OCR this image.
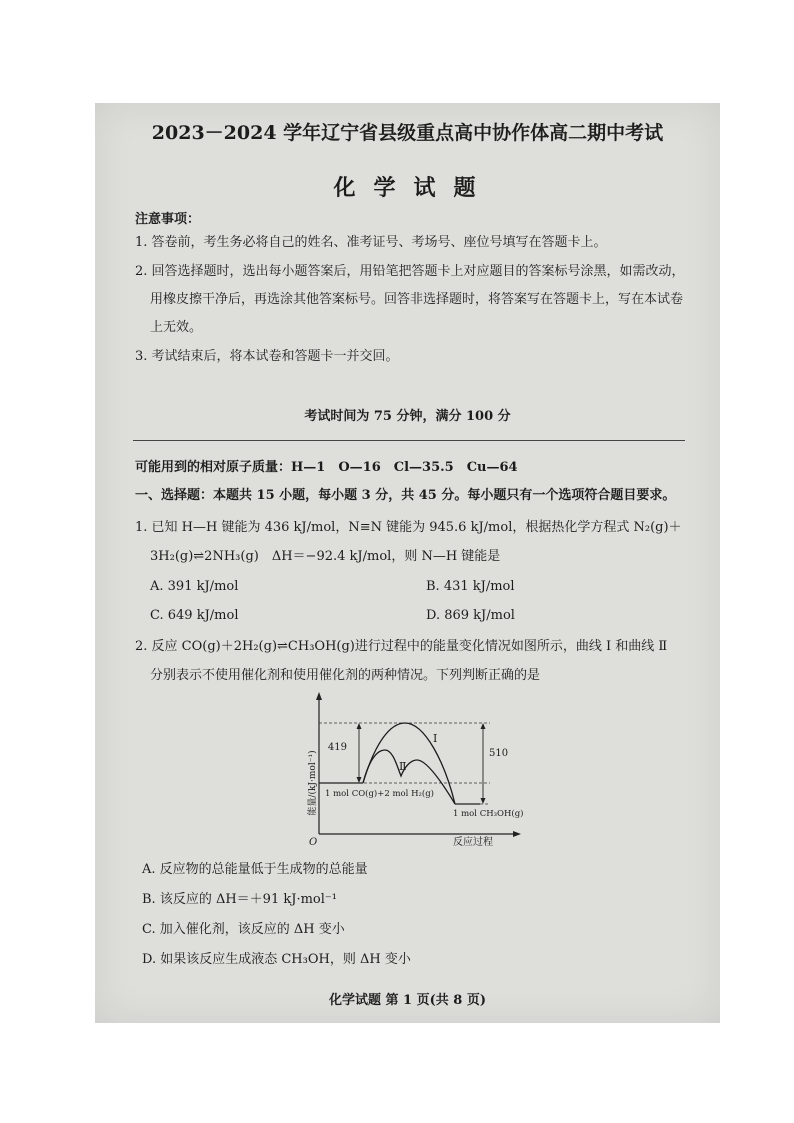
2023－2024 学年辽宁省县级重点高中协作体高二期中考试
化学试题
注意事项：
1. 答卷前，考生务必将自己的姓名、准考证号、考场号、座位号填写在答题卡上。
2. 回答选择题时，选出每小题答案后，用铅笔把答题卡上对应题目的答案标号涂黑，如需改动，
用橡皮擦干净后，再选涂其他答案标号。回答非选择题时，将答案写在答题卡上，写在本试卷
上无效。
3. 考试结束后，将本试卷和答题卡一并交回。
考试时间为 75 分钟，满分 100 分
可能用到的相对原子质量：H—1　O—16　Cl—35.5　Cu—64
一、选择题：本题共 15 小题，每小题 3 分，共 45 分。每小题只有一个选项符合题目要求。
1. 已知 H—H 键能为 436 kJ/mol，N≡N 键能为 945.6 kJ/mol，根据热化学方程式 N₂(g)＋
3H₂(g)⇌2NH₃(g)　ΔH＝−92.4 kJ/mol，则 N—H 键能是
A. 391 kJ/mol	B. 431 kJ/mol
C. 649 kJ/mol	D. 869 kJ/mol
2. 反应 CO(g)＋2H₂(g)⇌CH₃OH(g)进行过程中的能量变化情况如图所示，曲线 Ⅰ 和曲线 Ⅱ
分别表示不使用催化剂和使用催化剂的两种情况。下列判断正确的是
能量/(kJ·mol⁻¹)
419
510
Ⅰ
Ⅱ
1 mol CO(g)+2 mol H₂(g)
1 mol CH₃OH(g)
O	反应过程
A. 反应物的总能量低于生成物的总能量
B. 该反应的 ΔH＝＋91 kJ·mol⁻¹
C. 加入催化剂，该反应的 ΔH 变小
D. 如果该反应生成液态 CH₃OH，则 ΔH 变小
化学试题 第 1 页(共 8 页)
